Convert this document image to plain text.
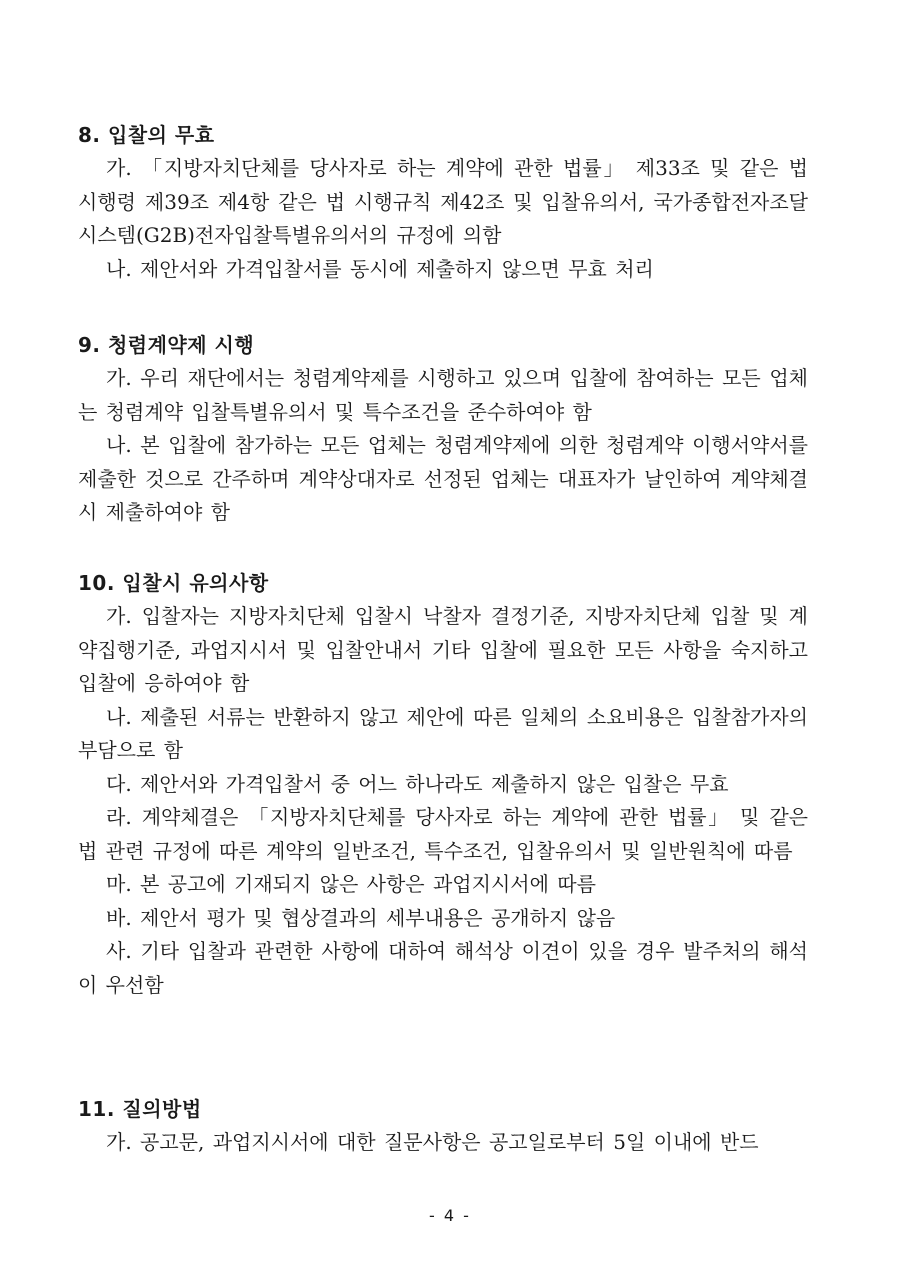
8. 입찰의 무효

가. 「지방자치단체를 당사자로 하는 계약에 관한 법률」 제33조 및 같은 법 시행령 제39조 제4항 같은 법 시행규칙 제42조 및 입찰유의서, 국가종합전자조달시스템(G2B)전자입찰특별유의서의 규정에 의함

나. 제안서와 가격입찰서를 동시에 제출하지 않으면 무효 처리

9. 청렴계약제 시행

가. 우리 재단에서는 청렴계약제를 시행하고 있으며 입찰에 참여하는 모든 업체는 청렴계약 입찰특별유의서 및 특수조건을 준수하여야 함

나. 본 입찰에 참가하는 모든 업체는 청렴계약제에 의한 청렴계약 이행서약서를 제출한 것으로 간주하며 계약상대자로 선정된 업체는 대표자가 날인하여 계약체결 시 제출하여야 함

10. 입찰시 유의사항

가. 입찰자는 지방자치단체 입찰시 낙찰자 결정기준, 지방자치단체 입찰 및 계약집행기준, 과업지시서 및 입찰안내서 기타 입찰에 필요한 모든 사항을 숙지하고 입찰에 응하여야 함

나. 제출된 서류는 반환하지 않고 제안에 따른 일체의 소요비용은 입찰참가자의 부담으로 함

다. 제안서와 가격입찰서 중 어느 하나라도 제출하지 않은 입찰은 무효

라. 계약체결은 「지방자치단체를 당사자로 하는 계약에 관한 법률」 및 같은 법 관련 규정에 따른 계약의 일반조건, 특수조건, 입찰유의서 및 일반원칙에 따름

마. 본 공고에 기재되지 않은 사항은 과업지시서에 따름

바. 제안서 평가 및 협상결과의 세부내용은 공개하지 않음

사. 기타 입찰과 관련한 사항에 대하여 해석상 이견이 있을 경우 발주처의 해석이 우선함

11. 질의방법

가. 공고문, 과업지시서에 대한 질문사항은 공고일로부터 5일 이내에 반드

- 4 -
